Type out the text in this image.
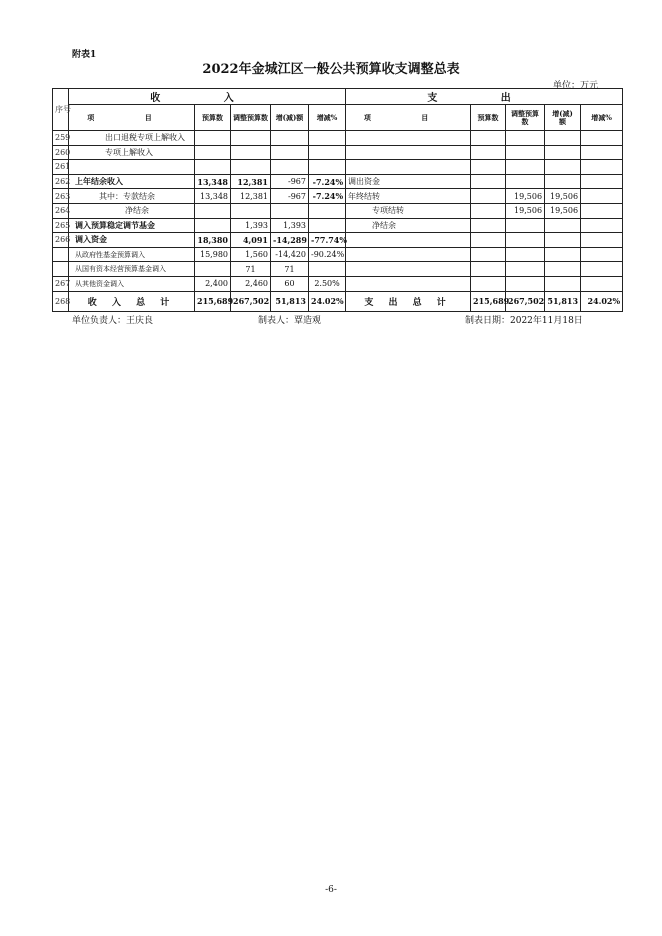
附表1
2022年金城江区一般公共预算收支调整总表
单位：万元
序号	收 入					支 出				
	项 目	预算数	调整预算数	增(减)额	增减%	项 目	预算数	调整预算数	增(减)额	增减%
259	出口退税专项上解收入									
260	专项上解收入									
261										
262	上年结余收入	13,348	12,381	-967	-7.24%	调出资金				
263	其中：专款结余	13,348	12,381	-967	-7.24%	年终结转		19,506	19,506	
264	净结余					专项结转		19,506	19,506	
265	调入预算稳定调节基金		1,393	1,393		净结余				
266	调入资金	18,380	4,091	-14,289	-77.74%					
	从政府性基金预算调入	15,980	1,560	-14,420	-90.24%					
	从国有资本经营预算基金调入		71	71						
267	从其他资金调入	2,400	2,460	60	2.50%					
268	收 入 总 计	215,689	267,502	51,813	24.02%	支 出 总 计	215,689	267,502	51,813	24.02%
单位负责人：王庆良	制表人：覃造观	制表日期：2022年11月18日
-6-
